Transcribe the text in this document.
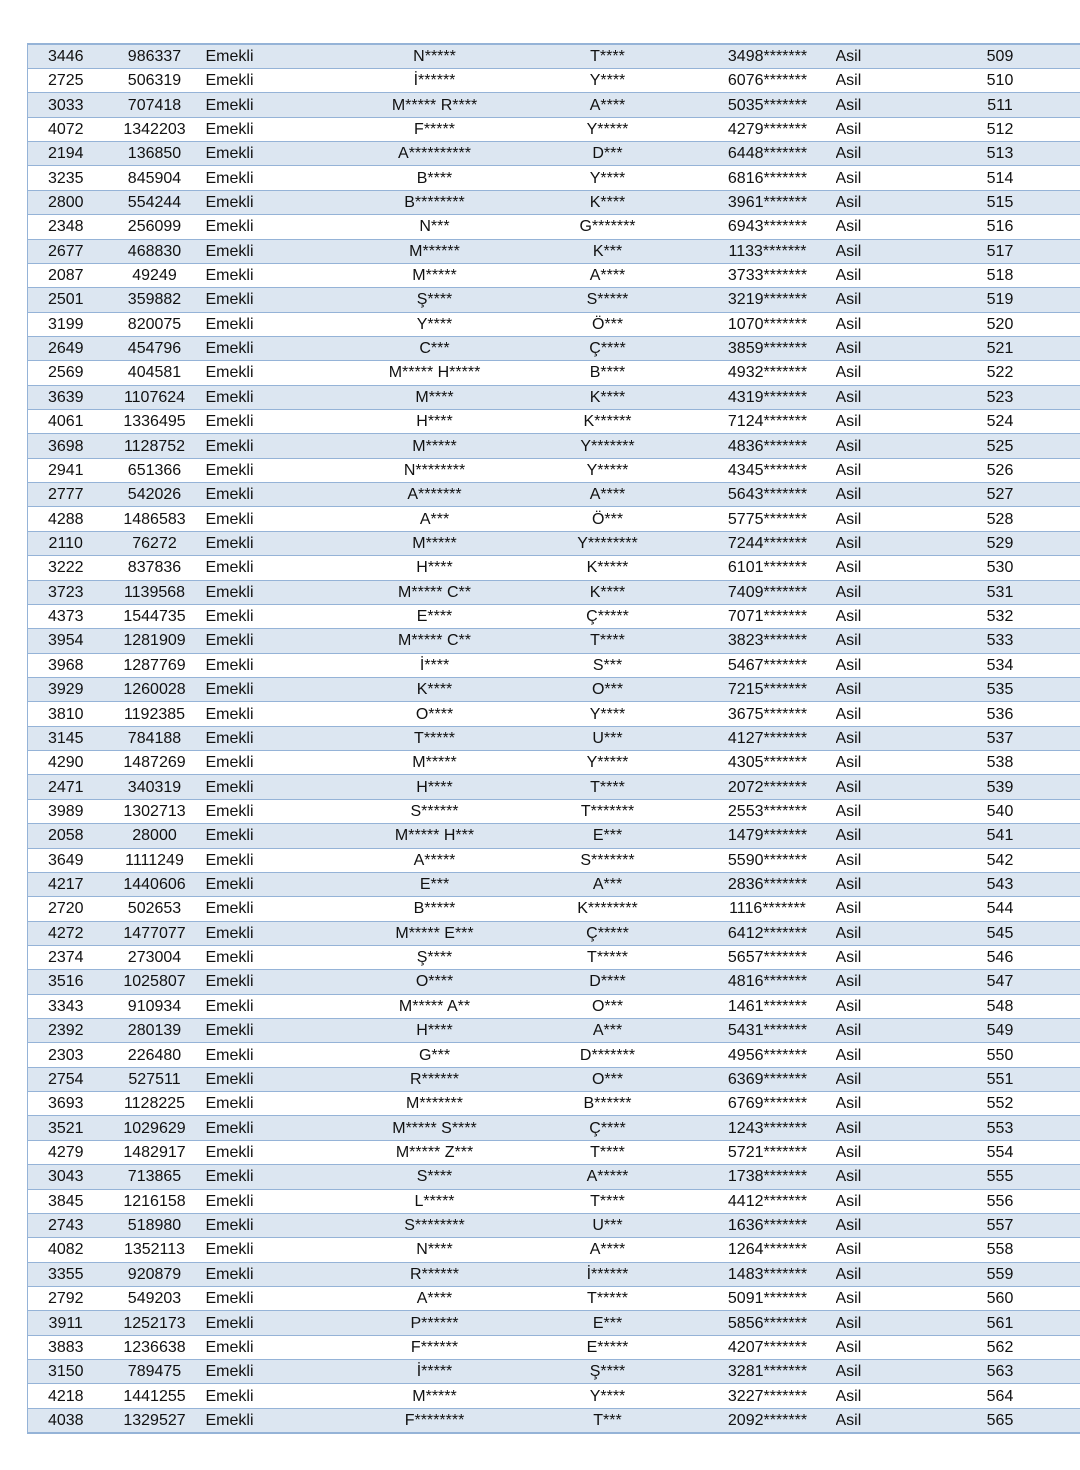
3446	986337	Emekli	N*****	T****	3498*******	Asil	509
2725	506319	Emekli	İ******	Y****	6076*******	Asil	510
3033	707418	Emekli	M***** R****	A****	5035*******	Asil	511
4072	1342203	Emekli	F*****	Y*****	4279*******	Asil	512
2194	136850	Emekli	A**********	D***	6448*******	Asil	513
3235	845904	Emekli	B****	Y****	6816*******	Asil	514
2800	554244	Emekli	B********	K****	3961*******	Asil	515
2348	256099	Emekli	N***	G*******	6943*******	Asil	516
2677	468830	Emekli	M******	K***	1133*******	Asil	517
2087	49249	Emekli	M*****	A****	3733*******	Asil	518
2501	359882	Emekli	Ş****	S*****	3219*******	Asil	519
3199	820075	Emekli	Y****	Ö***	1070*******	Asil	520
2649	454796	Emekli	C***	Ç****	3859*******	Asil	521
2569	404581	Emekli	M***** H*****	B****	4932*******	Asil	522
3639	1107624	Emekli	M****	K****	4319*******	Asil	523
4061	1336495	Emekli	H****	K******	7124*******	Asil	524
3698	1128752	Emekli	M*****	Y*******	4836*******	Asil	525
2941	651366	Emekli	N********	Y*****	4345*******	Asil	526
2777	542026	Emekli	A*******	A****	5643*******	Asil	527
4288	1486583	Emekli	A***	Ö***	5775*******	Asil	528
2110	76272	Emekli	M*****	Y********	7244*******	Asil	529
3222	837836	Emekli	H****	K*****	6101*******	Asil	530
3723	1139568	Emekli	M***** C**	K****	7409*******	Asil	531
4373	1544735	Emekli	E****	Ç*****	7071*******	Asil	532
3954	1281909	Emekli	M***** C**	T****	3823*******	Asil	533
3968	1287769	Emekli	İ****	S***	5467*******	Asil	534
3929	1260028	Emekli	K****	O***	7215*******	Asil	535
3810	1192385	Emekli	O****	Y****	3675*******	Asil	536
3145	784188	Emekli	T*****	U***	4127*******	Asil	537
4290	1487269	Emekli	M*****	Y*****	4305*******	Asil	538
2471	340319	Emekli	H****	T****	2072*******	Asil	539
3989	1302713	Emekli	S******	T*******	2553*******	Asil	540
2058	28000	Emekli	M***** H***	E***	1479*******	Asil	541
3649	1111249	Emekli	A*****	S*******	5590*******	Asil	542
4217	1440606	Emekli	E***	A***	2836*******	Asil	543
2720	502653	Emekli	B*****	K********	1116*******	Asil	544
4272	1477077	Emekli	M***** E***	Ç*****	6412*******	Asil	545
2374	273004	Emekli	Ş****	T*****	5657*******	Asil	546
3516	1025807	Emekli	O****	D****	4816*******	Asil	547
3343	910934	Emekli	M***** A**	O***	1461*******	Asil	548
2392	280139	Emekli	H****	A***	5431*******	Asil	549
2303	226480	Emekli	G***	D*******	4956*******	Asil	550
2754	527511	Emekli	R******	O***	6369*******	Asil	551
3693	1128225	Emekli	M*******	B******	6769*******	Asil	552
3521	1029629	Emekli	M***** S****	Ç****	1243*******	Asil	553
4279	1482917	Emekli	M***** Z***	T****	5721*******	Asil	554
3043	713865	Emekli	S****	A*****	1738*******	Asil	555
3845	1216158	Emekli	L*****	T****	4412*******	Asil	556
2743	518980	Emekli	S********	U***	1636*******	Asil	557
4082	1352113	Emekli	N****	A****	1264*******	Asil	558
3355	920879	Emekli	R******	İ******	1483*******	Asil	559
2792	549203	Emekli	A****	T*****	5091*******	Asil	560
3911	1252173	Emekli	P******	E***	5856*******	Asil	561
3883	1236638	Emekli	F******	E*****	4207*******	Asil	562
3150	789475	Emekli	İ*****	Ş****	3281*******	Asil	563
4218	1441255	Emekli	M*****	Y****	3227*******	Asil	564
4038	1329527	Emekli	F********	T***	2092*******	Asil	565
